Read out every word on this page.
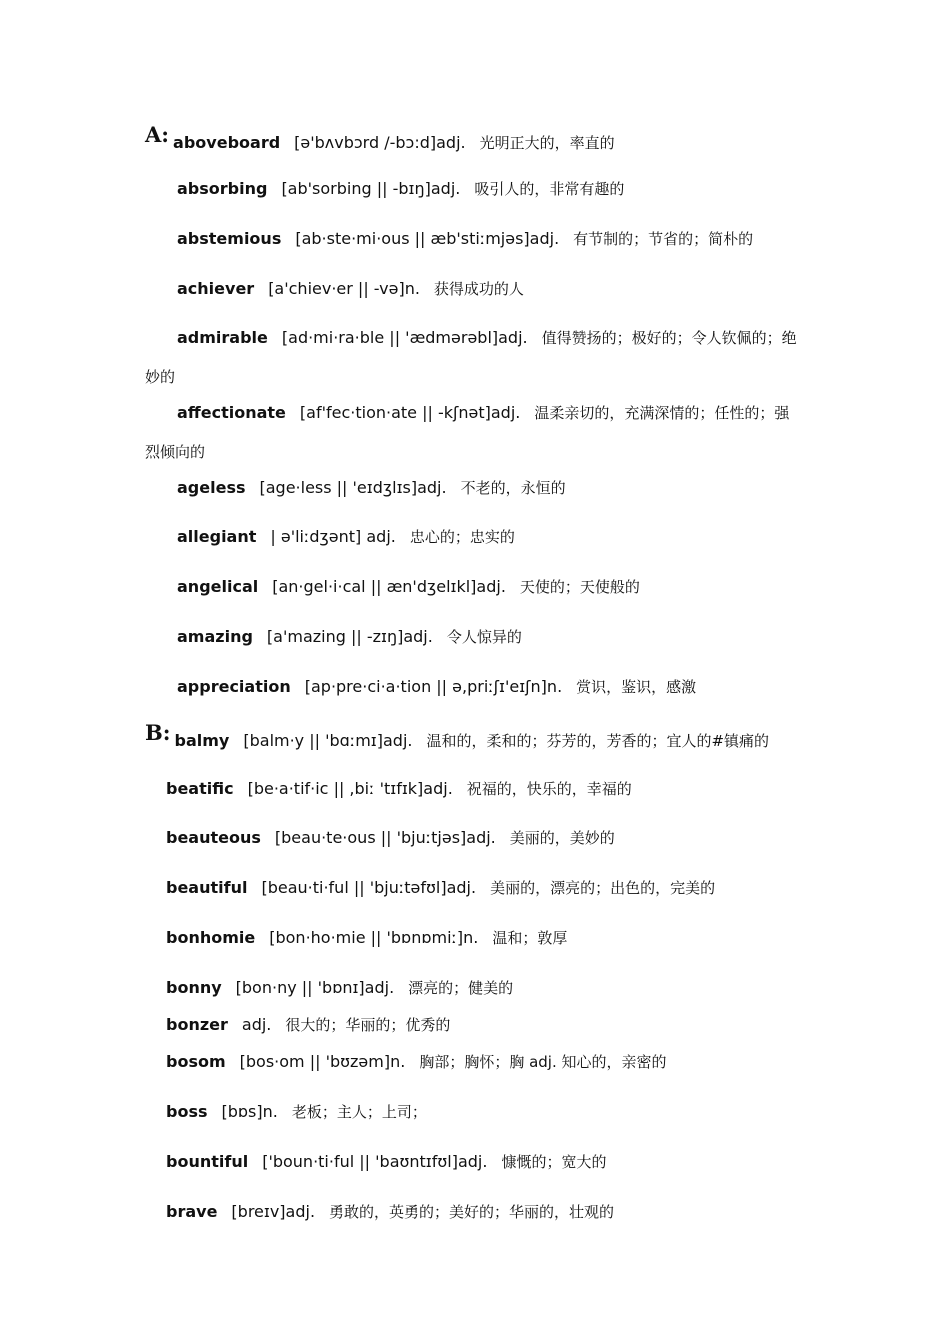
A: aboveboard [ə'bʌvbɔrd /-bɔ:d]adj. 光明正大的，率直的
absorbing [ab'sorbing || -bɪŋ]adj. 吸引人的，非常有趣的
abstemious [ab·ste·mi·ous || æb'stiːmjəs]adj. 有节制的；节省的；简朴的
achiever [a'chiev·er || -və]n. 获得成功的人
admirable [ad·mi·ra·ble || 'ædmərəbl]adj. 值得赞扬的；极好的；令人钦佩的；绝
妙的
affectionate [af'fec·tion·ate || -kʃnət]adj. 温柔亲切的，充满深情的；任性的；强
烈倾向的
ageless [age·less || 'eɪdʒlɪs]adj. 不老的，永恒的
allegiant | ə'liːdʒənt] adj. 忠心的；忠实的
angelical [an·gel·i·cal || æn'dʒelɪkl]adj. 天使的；天使般的
amazing [a'mazing || -zɪŋ]adj. 令人惊异的
appreciation [ap·pre·ci·a·tion || ə,priːʃɪ'eɪʃn]n. 赏识，鉴识，感激
B: balmy [balm·y || 'bɑːmɪ]adj. 温和的，柔和的；芬芳的，芳香的；宜人的#镇痛的
beatific [be·a·tif·ic || ,biː 'tɪfɪk]adj. 祝福的，快乐的，幸福的
beauteous [beau·te·ous || 'bjuːtjəs]adj. 美丽的，美妙的
beautiful [beau·ti·ful || 'bjuːtəfʊl]adj. 美丽的，漂亮的；出色的，完美的
bonhomie [bon·ho·mie || 'bɒnɒmiː]n. 温和；敦厚
bonny [bon·ny || 'bɒnɪ]adj. 漂亮的；健美的
bonzer adj. 很大的；华丽的；优秀的
bosom [bos·om || 'bʊzəm]n. 胸部；胸怀；胸 adj. 知心的，亲密的
boss [bɒs]n. 老板；主人；上司；
bountiful ['boun·ti·ful || 'baʊntɪfʊl]adj. 慷慨的；宽大的
brave [breɪv]adj. 勇敢的，英勇的；美好的；华丽的，壮观的
